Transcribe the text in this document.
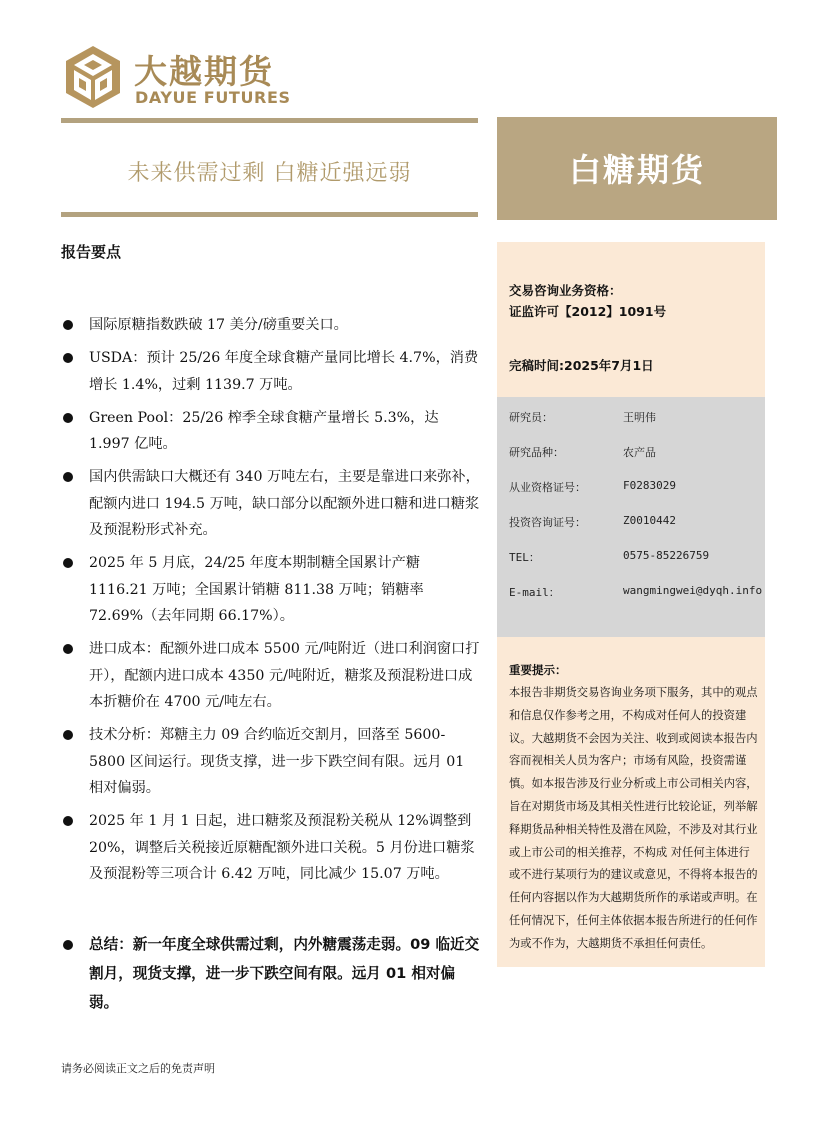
大越期货
DAYUE FUTURES
未来供需过剩 白糖近强远弱	白糖期货
报告要点
国际原糖指数跌破 17 美分/磅重要关口。
USDA：预计 25/26 年度全球食糖产量同比增长 4.7%，消费增长 1.4%，过剩 1139.7 万吨。
Green Pool：25/26 榨季全球食糖产量增长 5.3%，达 1.997 亿吨。
国内供需缺口大概还有 340 万吨左右，主要是靠进口来弥补，配额内进口 194.5 万吨，缺口部分以配额外进口糖和进口糖浆及预混粉形式补充。
2025 年 5 月底，24/25 年度本期制糖全国累计产糖 1116.21 万吨；全国累计销糖 811.38 万吨；销糖率 72.69%（去年同期 66.17%）。
进口成本：配额外进口成本 5500 元/吨附近（进口利润窗口打开），配额内进口成本 4350 元/吨附近，糖浆及预混粉进口成本折糖价在 4700 元/吨左右。
技术分析：郑糖主力 09 合约临近交割月，回落至 5600-5800 区间运行。现货支撑，进一步下跌空间有限。远月 01 相对偏弱。
2025 年 1 月 1 日起，进口糖浆及预混粉关税从 12%调整到 20%，调整后关税接近原糖配额外进口关税。5 月份进口糖浆及预混粉等三项合计 6.42 万吨，同比减少 15.07 万吨。
总结：新一年度全球供需过剩，内外糖震荡走弱。09 临近交割月，现货支撑，进一步下跌空间有限。远月 01 相对偏弱。
请务必阅读正文之后的免责声明
交易咨询业务资格：
证监许可【2012】1091号
完稿时间:2025年7月1日
研究员：	王明伟
研究品种：	农产品
从业资格证号：	F0283029
投资咨询证号：	Z0010442
TEL：	0575-85226759
E-mail：	wangmingwei@dyqh.info
重要提示：
本报告非期货交易咨询业务项下服务，其中的观点和信息仅作参考之用，不构成对任何人的投资建议。大越期货不会因为关注、收到或阅读本报告内容而视相关人员为客户；市场有风险，投资需谨慎。如本报告涉及行业分析或上市公司相关内容，旨在对期货市场及其相关性进行比较论证，列举解释期货品种相关特性及潜在风险，不涉及对其行业或上市公司的相关推荐，不构成 对任何主体进行或不进行某项行为的建议或意见，不得将本报告的任何内容据以作为大越期货所作的承诺或声明。在任何情况下，任何主体依据本报告所进行的任何作为或不作为，大越期货不承担任何责任。
